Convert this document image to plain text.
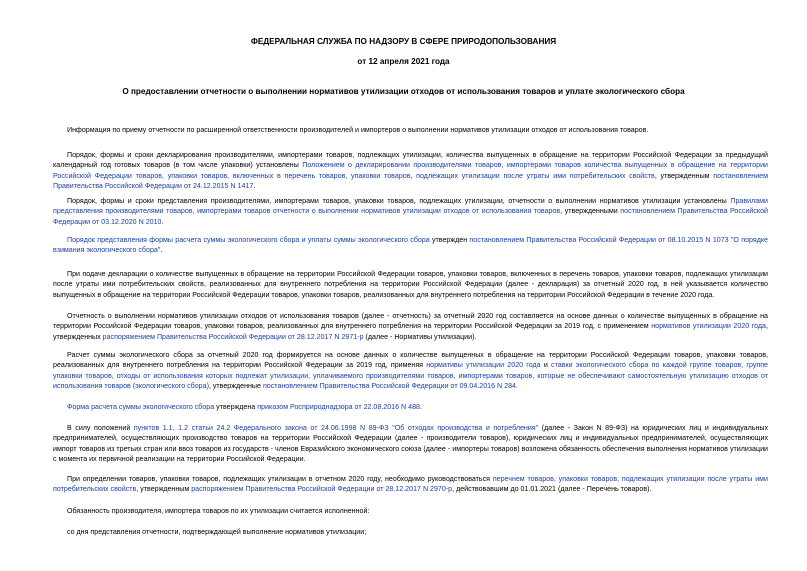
ФЕДЕРАЛЬНАЯ СЛУЖБА ПО НАДЗОРУ В СФЕРЕ ПРИРОДОПОЛЬЗОВАНИЯ
от 12 апреля 2021 года
О предоставлении отчетности о выполнении нормативов утилизации отходов от использования товаров и уплате экологического сбора
Информация по приему отчетности по расширенной ответственности производителей и импортеров о выполнении нормативов утилизации отходов от использования товаров.
Порядок, формы и сроки декларирования производителями, импортерами товаров, подлежащих утилизации, количества выпущенных в обращение на территории Российской Федерации за предыдущий календарный год готовых товаров (в том числе упаковки) установлены Положением о декларировании производителями товаров, импортерами товаров количества выпущенных в обращение на территории Российской Федерации товаров, упаковки товаров, включенных в перечень товаров, упаковки товаров, подлежащих утилизации после утраты ими потребительских свойств, утвержденным постановлением Правительства Российской Федерации от 24.12.2015 N 1417.
Порядок, формы и сроки представления производителями, импортерами товаров, упаковки товаров, подлежащих утилизации, отчетности о выполнении нормативов утилизации установлены Правилами представления производителями товаров, импортерами товаров отчетности о выполнении нормативов утилизации отходов от использования товаров, утвержденными постановлением Правительства Российской Федерации от 03.12.2020 N 2010.
Порядок представления формы расчета суммы экологического сбора и уплаты суммы экологического сбора утвержден постановлением Правительства Российской Федерации от 08.10.2015 N 1073 "О порядке взимания экологического сбора".
При подаче декларации о количестве выпущенных в обращение на территории Российской Федерации товаров, упаковки товаров, включенных в перечень товаров, упаковки товаров, подлежащих утилизации после утраты ими потребительских свойств, реализованных для внутреннего потребления на территории Российской Федерации (далее - декларация) за отчетный 2020 год, в ней указывается количество выпущенных в обращение на территории Российской Федерации товаров, упаковки товаров, реализованных для внутреннего потребления на территории Российской Федерации в течение 2020 года.
Отчетность о выполнении нормативов утилизации отходов от использования товаров (далее - отчетность) за отчетный 2020 год составляется на основе данных о количестве выпущенных в обращение на территории Российской Федерации товаров, упаковки товаров, реализованных для внутреннего потребления на территории Российской Федерации за 2019 год, с применением нормативов утилизации 2020 года, утвержденных распоряжением Правительства Российской Федерации от 28.12.2017 N 2971-р (далее - Нормативы утилизации).
Расчет суммы экологического сбора за отчетный 2020 год формируется на основе данных о количестве выпущенных в обращение на территории Российской Федерации товаров, упаковки товаров, реализованных для внутреннего потребления на территории Российской Федерации за 2019 год, применяя нормативы утилизации 2020 года и ставки экологического сбора по каждой группе товаров, группе упаковки товаров, отходы от использования которых подлежат утилизации, уплачиваемого производителями товаров, импортерами товаров, которые не обеспечивают самостоятельную утилизацию отходов от использования товаров (экологического сбора), утвержденные постановлением Правительства Российской Федерации от 09.04.2016 N 284.
Форма расчета суммы экологического сбора утверждена приказом Росприроднадзора от 22.08.2016 N 488.
В силу положений пунктов 1.1, 1.2 статьи 24.2 Федерального закона от 24.06.1998 N 89-ФЗ "Об отходах производства и потребления" (далее - Закон N 89-ФЗ) на юридических лиц и индивидуальных предпринимателей, осуществляющих производство товаров на территории Российской Федерации (далее - производители товаров), юридических лиц и индивидуальных предпринимателей, осуществляющих импорт товаров из третьих стран или ввоз товаров из государств - членов Евразийского экономического союза (далее - импортеры товаров) возложена обязанность обеспечения выполнения нормативов утилизации с момента их первичной реализации на территории Российской Федерации.
При определении товаров, упаковки товаров, подлежащих утилизации в отчетном 2020 году, необходимо руководствоваться перечнем товаров, упаковки товаров, подлежащих утилизации после утраты ими потребительских свойств, утвержденным распоряжением Правительства Российской Федерации от 28.12.2017 N 2970-р, действовавшим до 01.01.2021 (далее - Перечень товаров).
Обязанность производителя, импортера товаров по их утилизации считается исполненной:
со дня представления отчетности, подтверждающей выполнение нормативов утилизации;
